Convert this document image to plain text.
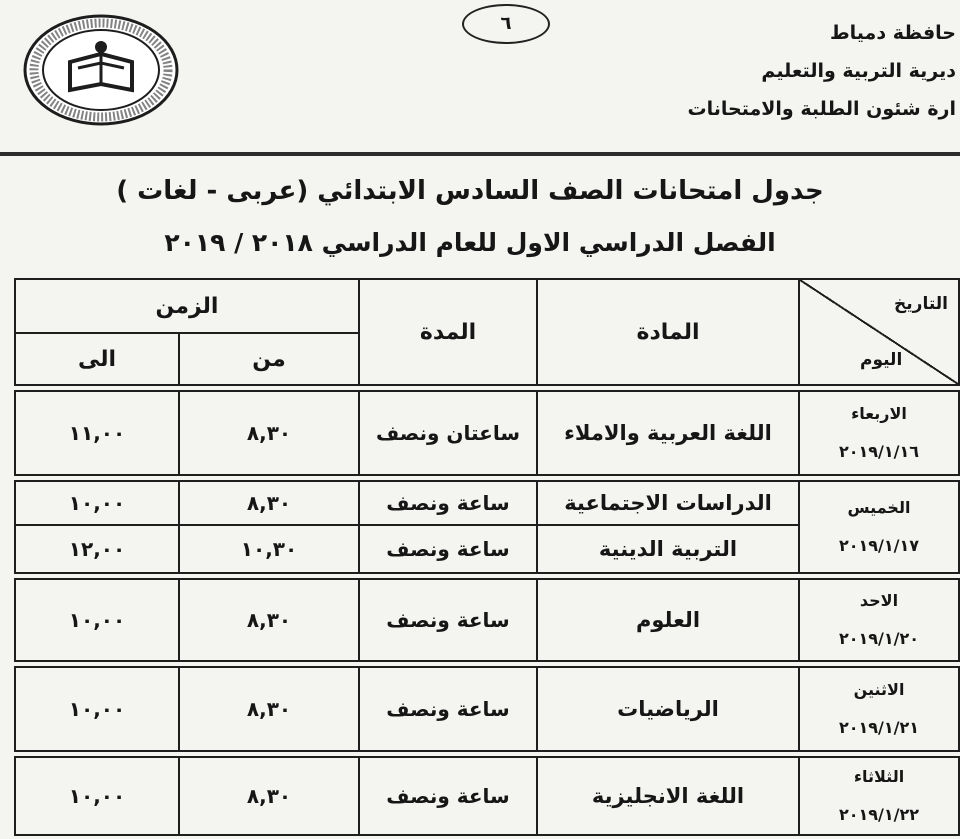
٦	حافظة دمياط
ديرية التربية والتعليم
ارة شئون الطلبة والامتحانات
جدول امتحانات الصف السادس الابتدائي (عربى - لغات )
الفصل الدراسي الاول للعام الدراسي ٢٠١٨ / ٢٠١٩
التاريخ
اليوم	المادة	المدة	الزمن	
			من	الى

الاربعاء
٢٠١٩/١/١٦	اللغة العربية والاملاء	ساعتان ونصف	٨,٣٠	١١,٠٠

الخميس
٢٠١٩/١/١٧	الدراسات الاجتماعية	ساعة ونصف	٨,٣٠	١٠,٠٠
	التربية الدينية	ساعة ونصف	١٠,٣٠	١٢,٠٠

الاحد
٢٠١٩/١/٢٠	العلوم	ساعة ونصف	٨,٣٠	١٠,٠٠

الاثنين
٢٠١٩/١/٢١	الرياضيات	ساعة ونصف	٨,٣٠	١٠,٠٠

الثلاثاء
٢٠١٩/١/٢٢	اللغة الانجليزية	ساعة ونصف	٨,٣٠	١٠,٠٠
